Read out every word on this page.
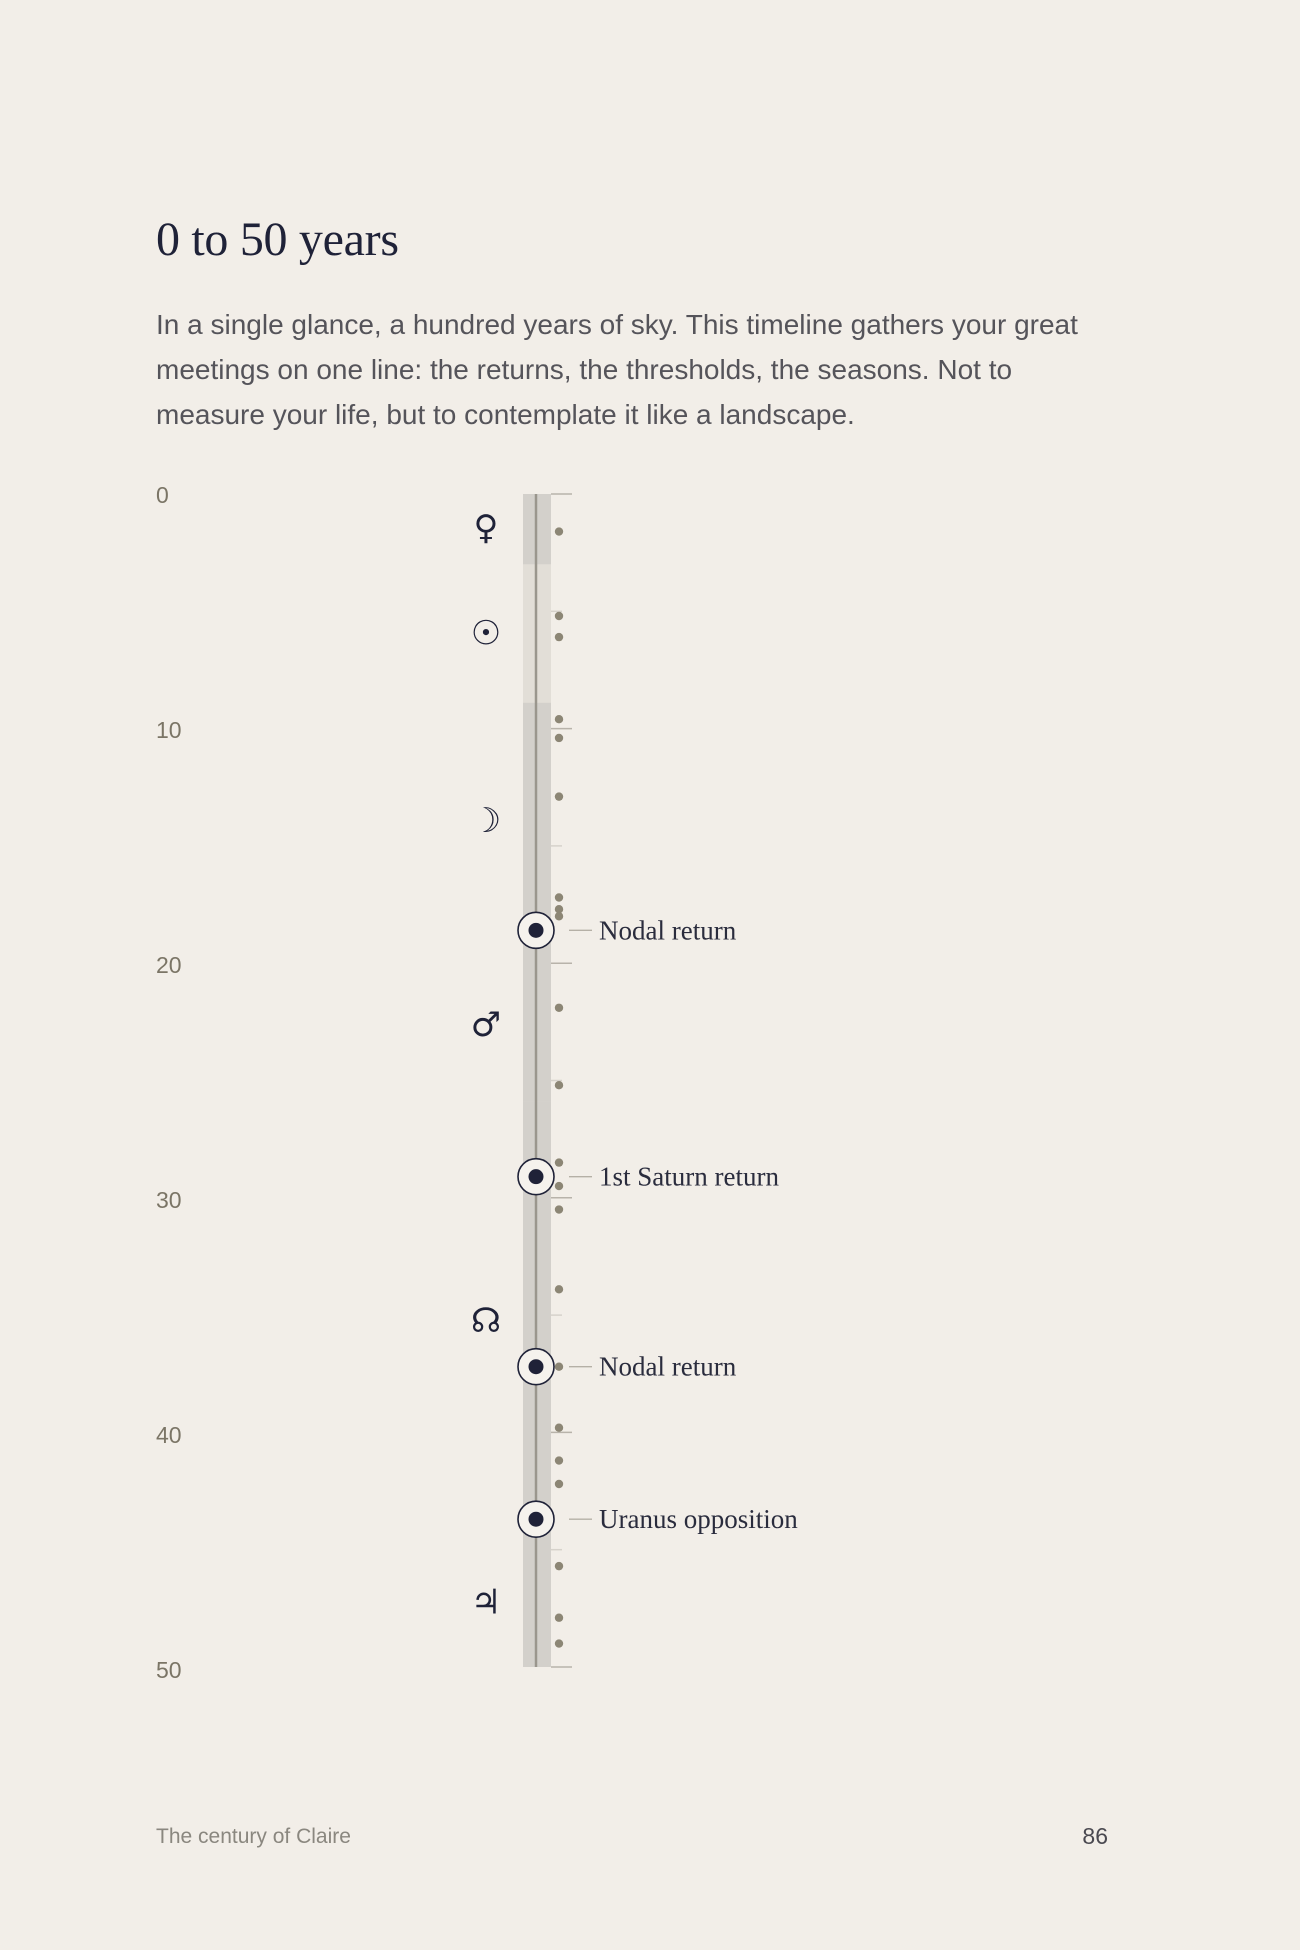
0 to 50 years

In a single glance, a hundred years of sky. This timeline gathers your great meetings on one line: the returns, the thresholds, the seasons. Not to measure your life, but to contemplate it like a landscape.

0
10
20
30
40
50
♀
☉
☽
♂
☊
♃
Nodal return
1st Saturn return
Nodal return
Uranus opposition
The century of Claire	86
